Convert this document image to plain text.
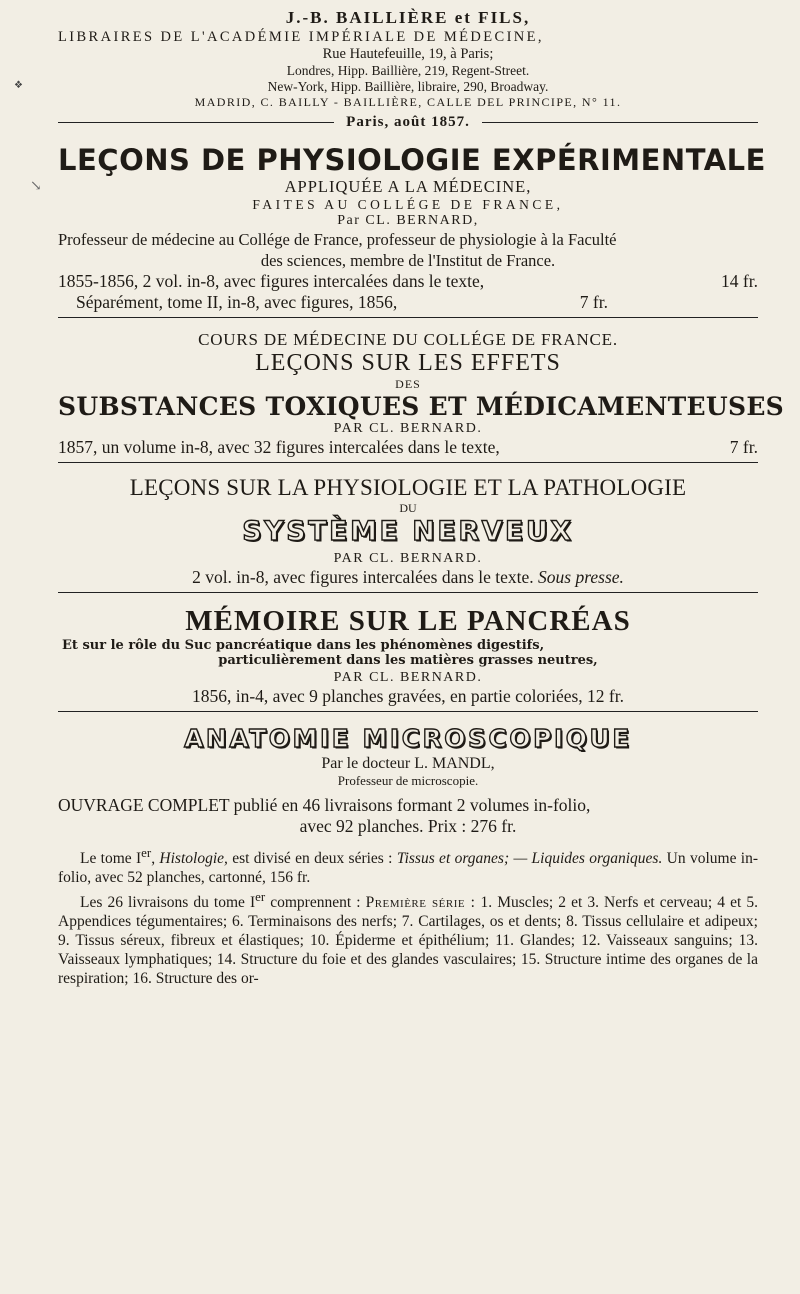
❖
↘
J.-B. BAILLIÈRE et FILS,
LIBRAIRES DE L'ACADÉMIE IMPÉRIALE DE MÉDECINE,
Rue Hautefeuille, 19, à Paris;
Londres, Hipp. Baillière, 219, Regent-Street.
New-York, Hipp. Baillière, libraire, 290, Broadway.
MADRID, C. BAILLY - BAILLIÈRE, CALLE DEL PRINCIPE, N° 11.
Paris, août 1857.
LEÇONS DE PHYSIOLOGIE EXPÉRIMENTALE
APPLIQUÉE A LA MÉDECINE,
FAITES AU COLLÉGE DE FRANCE,
Par CL. BERNARD,
Professeur de médecine au Collége de France, professeur de physiologie à la Faculté
des sciences, membre de l'Institut de France.
1855-1856, 2 vol. in-8, avec figures intercalées dans le texte,	14 fr.
Séparément, tome II, in-8, avec figures, 1856,	7 fr.
COURS DE MÉDECINE DU COLLÉGE DE FRANCE.
LEÇONS SUR LES EFFETS
DES
SUBSTANCES TOXIQUES ET MÉDICAMENTEUSES
PAR CL. BERNARD.
1857, un volume in-8, avec 32 figures intercalées dans le texte,	7 fr.
LEÇONS SUR LA PHYSIOLOGIE ET LA PATHOLOGIE
DU
SYSTÈME NERVEUX
PAR CL. BERNARD.
2 vol. in-8, avec figures intercalées dans le texte. Sous presse.
MÉMOIRE SUR LE PANCRÉAS
Et sur le rôle du Suc pancréatique dans les phénomènes digestifs,
particulièrement dans les matières grasses neutres,
PAR CL. BERNARD.
1856, in-4, avec 9 planches gravées, en partie coloriées, 12 fr.
ANATOMIE MICROSCOPIQUE
Par le docteur L. MANDL,
Professeur de microscopie.
OUVRAGE COMPLET publié en 46 livraisons formant 2 volumes in-folio,
avec 92 planches. Prix : 276 fr.

Le tome Ier, Histologie, est divisé en deux séries : Tissus et organes; — Liquides organiques. Un volume in-folio, avec 52 planches, cartonné, 156 fr.

Les 26 livraisons du tome Ier comprennent : Première série : 1. Muscles; 2 et 3. Nerfs et cerveau; 4 et 5. Appendices tégumentaires; 6. Terminaisons des nerfs; 7. Cartilages, os et dents; 8. Tissus cellulaire et adipeux; 9. Tissus séreux, fibreux et élastiques; 10. Épiderme et épithélium; 11. Glandes; 12. Vaisseaux sanguins; 13. Vaisseaux lymphatiques; 14. Structure du foie et des glandes vasculaires; 15. Structure intime des organes de la respiration; 16. Structure des or-
